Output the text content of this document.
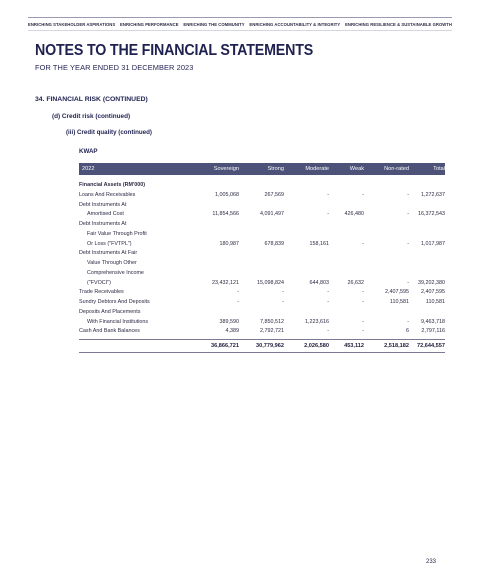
ENRICHING STAKEHOLDER ASPIRATIONS ENRICHING PERFORMANCE ENRICHING THE COMMUNITY ENRICHING ACCOUNTABILITY & INTEGRITY ENRICHING RESILIENCE & SUSTAINABLE GROWTH
NOTES TO THE FINANCIAL STATEMENTS
FOR THE YEAR ENDED 31 DECEMBER 2023
34. FINANCIAL RISK (CONTINUED)
(d) Credit risk (continued)
(iii) Credit quality (continued)
KWAP
2022	Sovereign	Strong	Moderate	Weak	Non-rated	Total
Financial Assets (RM'000)
Loans And Receivables	1,005,068	267,569	-	-	-	1,272,637
Debt Instruments At
Amortised Cost	11,854,566	4,091,497	-	426,480	-	16,372,543
Debt Instruments At
Fair Value Through Profit
Or Loss ("FVTPL")	180,987	678,839	158,161	-	-	1,017,987
Debt Instruments At Fair
Value Through Other
Comprehensive Income
("FVOCI")	23,432,121	15,098,824	644,803	26,632	-	39,202,380
Trade Receivables	-	-	-	-	2,407,595	2,407,595
Sundry Debtors And Deposits	-	-	-	-	110,581	110,581
Deposits And Placements
With Financial Institutions	389,590	7,850,512	1,223,616	-	-	9,463,718
Cash And Bank Balances	4,389	2,792,721	-	-	6	2,797,116
36,866,721	30,779,962	2,026,580	453,112	2,518,182	72,644,557
233
